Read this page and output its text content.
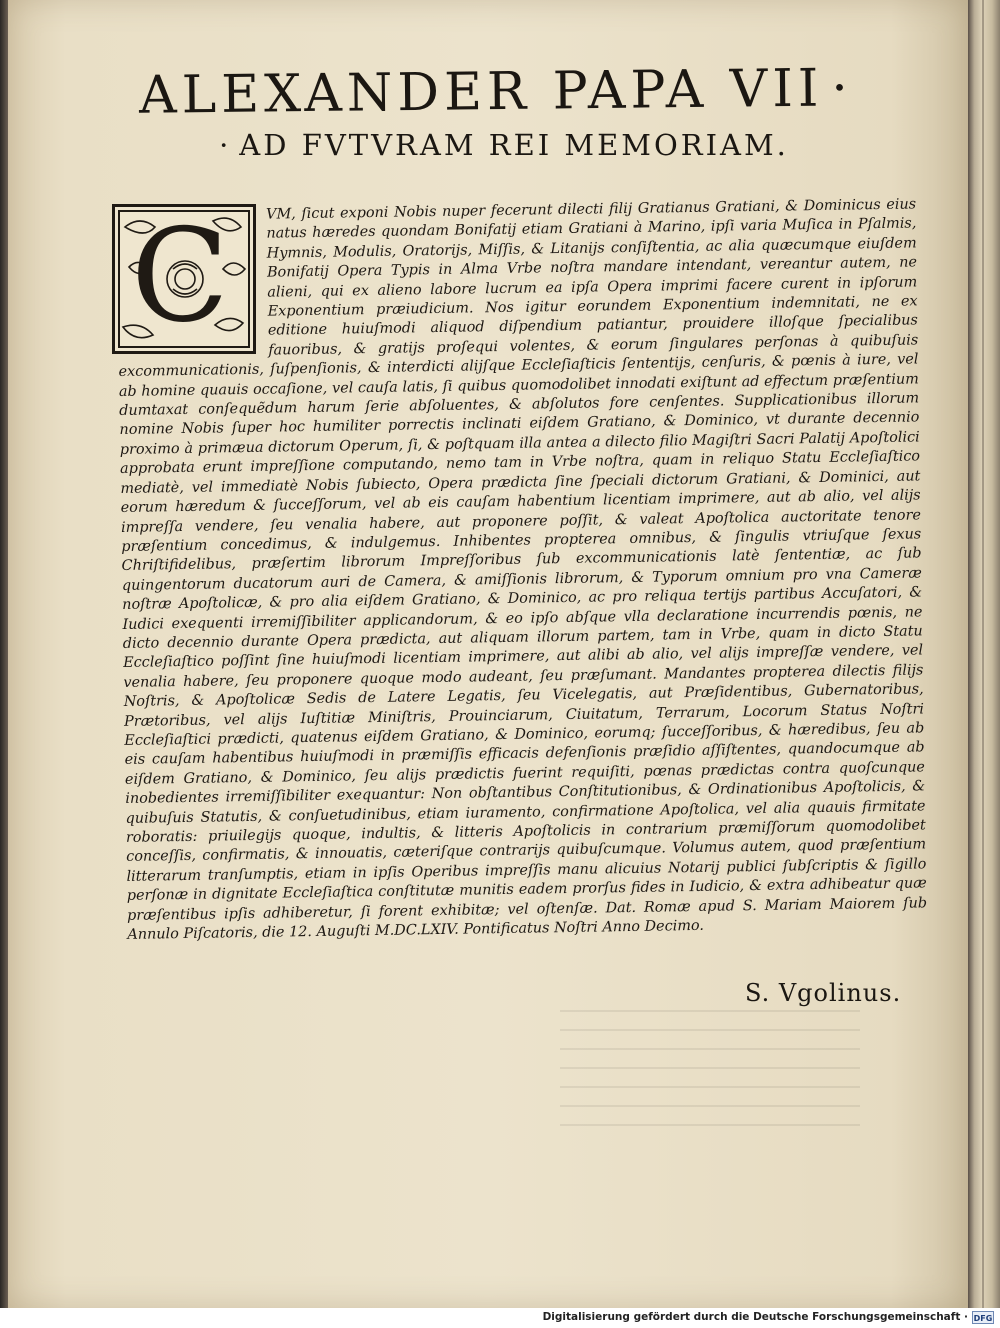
ALEXANDER PAPA VII ·
· AD FVTVRAM REI MEMORIAM.
C	VM, ſicut exponi Nobis nuper fecerunt dilecti filij Gratianus Gratiani, & Dominicus eius natus hæredes quondam Bonifatij etiam Gratiani à Marino, ipſi varia Muſica in Pſalmis, Hymnis, Modulis, Oratorijs, Miſſis, & Litanijs conſiſtentia, ac alia quæcumque eiuſdem Bonifatij Opera Typis in Alma Vrbe noſtra mandare intendant, vereantur autem, ne alieni, qui ex alieno labore lucrum ea ipſa Opera imprimi facere curent in ipſorum Exponentium præiudicium. Nos igitur eorundem Exponentium indemnitati, ne ex editione huiuſmodi aliquod diſpendium patiantur, prouidere illoſque ſpecialibus fauoribus, & gratijs proſequi volentes, & eorum ſingulares perſonas à quibuſuis excommunicationis, ſuſpenſionis, & interdicti alijſque Eccleſiaſticis ſententijs, cenſuris, & pœnis à iure, vel ab homine quauis occaſione, vel cauſa latis, ſi quibus quomodolibet innodati exiſtunt ad effectum præſentium dumtaxat conſequẽdum harum ſerie abſoluentes, & abſolutos fore cenſentes. Supplicationibus illorum nomine Nobis ſuper hoc humiliter porrectis inclinati eiſdem Gratiano, & Dominico, vt durante decennio proximo à primæua dictorum Operum, ſi, & poſtquam illa antea a dilecto filio Magiſtri Sacri Palatij Apoſtolici approbata erunt impreſſione computando, nemo tam in Vrbe noſtra, quam in reliquo Statu Eccleſiaſtico mediatè, vel immediatè Nobis ſubiecto, Opera prædicta ſine ſpeciali dictorum Gratiani, & Dominici, aut eorum hæredum & ſucceſſorum, vel ab eis cauſam habentium licentiam imprimere, aut ab alio, vel alijs impreſſa vendere, ſeu venalia habere, aut proponere poſſit, & valeat Apoſtolica auctoritate tenore præſentium concedimus, & indulgemus. Inhibentes propterea omnibus, & ſingulis vtriuſque ſexus Chriſtifidelibus, præſertim librorum Impreſſoribus ſub excommunicationis latè ſententiæ, ac ſub quingentorum ducatorum auri de Camera, & amiſſionis librorum, & Typorum omnium pro vna Cameræ noſtræ Apoſtolicæ, & pro alia eiſdem Gratiano, & Dominico, ac pro reliqua tertijs partibus Accuſatori, & Iudici exequenti irremiſſibiliter applicandorum, & eo ipſo abſque vlla declaratione incurrendis pœnis, ne dicto decennio durante Opera prædicta, aut aliquam illorum partem, tam in Vrbe, quam in dicto Statu Eccleſiaſtico poſſint ſine huiuſmodi licentiam imprimere, aut alibi ab alio, vel alijs impreſſæ vendere, vel venalia habere, ſeu proponere quoque modo audeant, ſeu præſumant. Mandantes propterea dilectis filijs Noſtris, & Apoſtolicæ Sedis de Latere Legatis, ſeu Vicelegatis, aut Præſidentibus, Gubernatoribus, Prætoribus, vel alijs Iuſtitiæ Miniſtris, Prouinciarum, Ciuitatum, Terrarum, Locorum Status Noſtri Eccleſiaſtici prædicti, quatenus eiſdem Gratiano, & Dominico, eorumq; ſucceſſoribus, & hæredibus, ſeu ab eis cauſam habentibus huiuſmodi in præmiſſis efficacis defenſionis præſidio aſſiſtentes, quandocumque ab eiſdem Gratiano, & Dominico, ſeu alijs prædictis fuerint requiſiti, pœnas prædictas contra quoſcunque inobedientes irremiſſibiliter exequantur: Non obſtantibus Conſtitutionibus, & Ordinationibus Apoſtolicis, & quibuſuis Statutis, & conſuetudinibus, etiam iuramento, confirmatione Apoſtolica, vel alia quauis firmitate roboratis: priuilegijs quoque, indultis, & litteris Apoſtolicis in contrarium præmiſſorum quomodolibet conceſſis, confirmatis, & innouatis, cæteriſque contrarijs quibuſcumque. Volumus autem, quod præſentium litterarum tranſumptis, etiam in ipſis Operibus impreſſis manu alicuius Notarij publici ſubſcriptis & ſigillo perſonæ in dignitate Eccleſiaſtica conſtitutæ munitis eadem prorſus fides in Iudicio, & extra adhibeatur quæ præſentibus ipſis adhiberetur, ſi forent exhibitæ; vel oſtenſæ. Dat. Romæ apud S. Mariam Maiorem ſub Annulo Piſcatoris, die 12. Auguſti M.DC.LXIV. Pontificatus Noſtri Anno Decimo.

S. Vgolinus.
Digitalisierung gefördert durch die Deutsche Forschungsgemeinschaft · DFG
